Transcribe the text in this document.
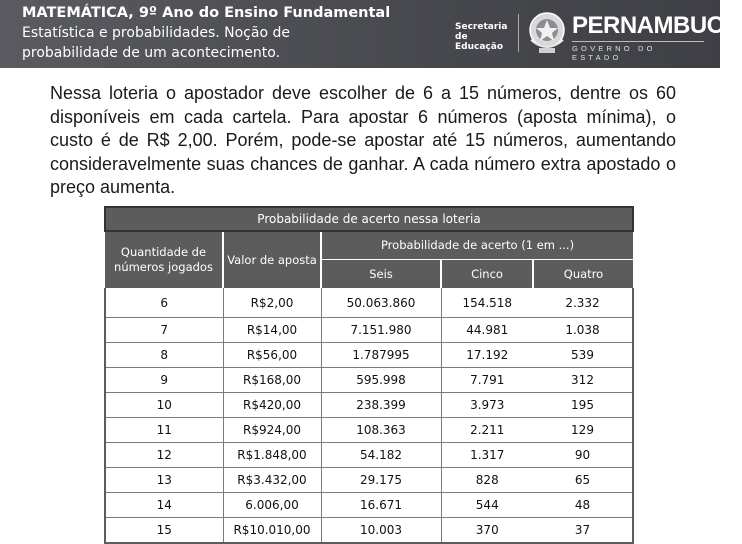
MATEMÁTICA, 9º Ano do Ensino Fundamental
Estatística e probabilidades. Noção de
probabilidade de um acontecimento.
Secretaria de
Educação
PERNAMBUCO
GOVERNO DO ESTADO

Nessa loteria o apostador deve escolher de 6 a 15 números, dentre os 60 disponíveis em cada cartela. Para apostar 6 números (aposta mínima), o custo é de R$ 2,00. Porém, pode-se apostar até 15 números, aumentando consideravelmente suas chances de ganhar. A cada número extra apostado o preço aumenta.

Probabilidade de acerto nessa loteria				
Quantidade de números jogados	Valor de aposta	Probabilidade de acerto (1 em ...)		
		Seis	Cinco	Quatro
6	R$2,00	50.063.860	154.518	2.332
7	R$14,00	7.151.980	44.981	1.038
8	R$56,00	1.787995	17.192	539
9	R$168,00	595.998	7.791	312
10	R$420,00	238.399	3.973	195
11	R$924,00	108.363	2.211	129
12	R$1.848,00	54.182	1.317	90
13	R$3.432,00	29.175	828	65
14	6.006,00	16.671	544	48
15	R$10.010,00	10.003	370	37
